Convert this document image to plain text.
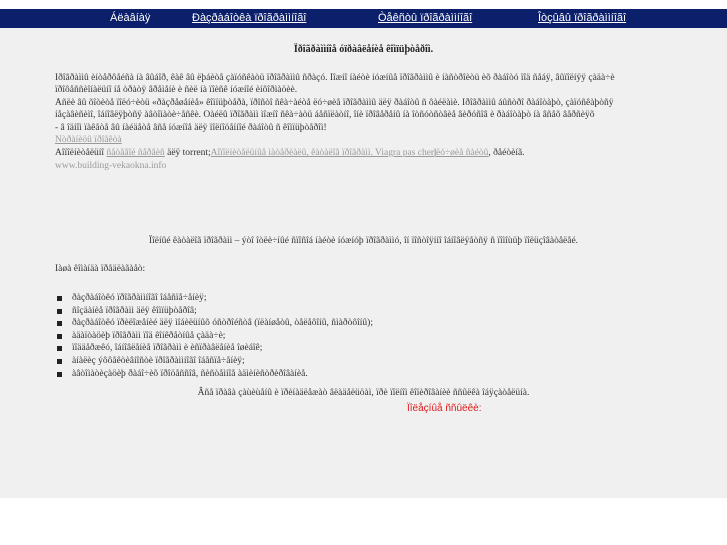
Áëàâíàÿ	Ðàçðàáîòêà ïðîãðàììíîãî	Òåêñòû ïðîãðàììíîãî	Îòçûâû ïðîãðàììíîãî
Ïðîãðàììíîå óïðàâëåíèå êîìïüþòåðîì.
Ïðîãðàììû èíòåðôåéñà íà âûáîð, êàê âû ëþáèòå çàïóñêàòü ïðîãðàììû ñðàçó. Ìîæíî íàéòè íóæíûå ïðîãðàììû è íàñòðîèòü èõ ðàáîòó ïîä ñåáÿ, âûïîëíÿÿ çàäà÷è
ïðîôåññèîíàëüíî íå òðàòÿ âðåìåíè è ñèë íà ïîèñê íóæíîé èíôîðìàöèè.
Åñëè âû õîòèòå ïîëó÷èòü «ðàçðåøåíèå» êîìïüþòåðà, ïðîñòî ñêà÷àéòå ëó÷øèå ïðîãðàììû äëÿ ðàáîòû ñ ôàéëàìè. Ïðîãðàììû áûñòðî ðàáîòàþò, çàïóñêàþòñÿ
íåçàâèñèìî, îáíîâëÿþòñÿ àâòîìàòè÷åñêè. Ôàéëû ïðîãðàìì ìîæíî ñêà÷àòü áåñïëàòíî, îíè ïðîâåðåíû íà îòñóòñòâèå âèðóñîâ è ðàáîòàþò íà âñåõ âåðñèÿõ
- â îäíîì ïàêåòå âû íàéäåòå âñå íóæíîå äëÿ ïîëíîöåííîé ðàáîòû ñ êîìïüþòåðîì!
Ñòðàíèöû ïðîåêòà
Äîïîëíèòåëüíî ñåòåâîé ñåðâèñ äëÿ torrent;Äîïîëíèòåëüíûå ìàòåðèàëû, êàòàëîã ïðîãðàìì. Viagra pas cher|ëó÷øèå ñàéòû, ðåéòèíã.
www.building-vekaokna.info
Ïîëíûé êàòàëîã ïðîãðàìì – ýòî îòëè÷íûé ñïîñîá íàéòè íóæíóþ ïðîãðàììó, îí ïîñòîÿííî îáíîâëÿåòñÿ ñ ïîìîùüþ ïîëüçîâàòåëåé.
Íàøà êîìàíäà ïðåäëàãàåò:
ðàçðàáîòêó ïðîãðàììíîãî îáåñïå÷åíèÿ;
ñîçäàíèå ïðîãðàìì äëÿ êîìïüþòåðîâ;
ðàçðàáîòêó ïðèëîæåíèé äëÿ ìîáèëüíûõ óñòðîéñòâ (ïëàíøåòû, òåëåôîíû, ñìàðòôîíû);
àäàïòàöèþ ïðîãðàìì ïîä êîíêðåòíûå çàäà÷è;
ïîääåðæêó, îáíîâëåíèå ïðîãðàìì è èñïðàâëåíèå îøèáîê;
àíàëèç ýôôåêòèâíîñòè ïðîãðàììíîãî îáåñïå÷åíèÿ;
àâòîìàòèçàöèþ ðàáî÷èõ ïðîöåññîâ, ñèñòåìíîå àäìèíèñòðèðîâàíèå.
Âñå ïðàâà çàùèùåíû è ïðèíàäëåæàò âëàäåëüöàì, ïðè ïîëíîì êîïèðîâàíèè ññûëêà îáÿçàòåëüíà.
Ïîëåçíûå ññûëêè:
